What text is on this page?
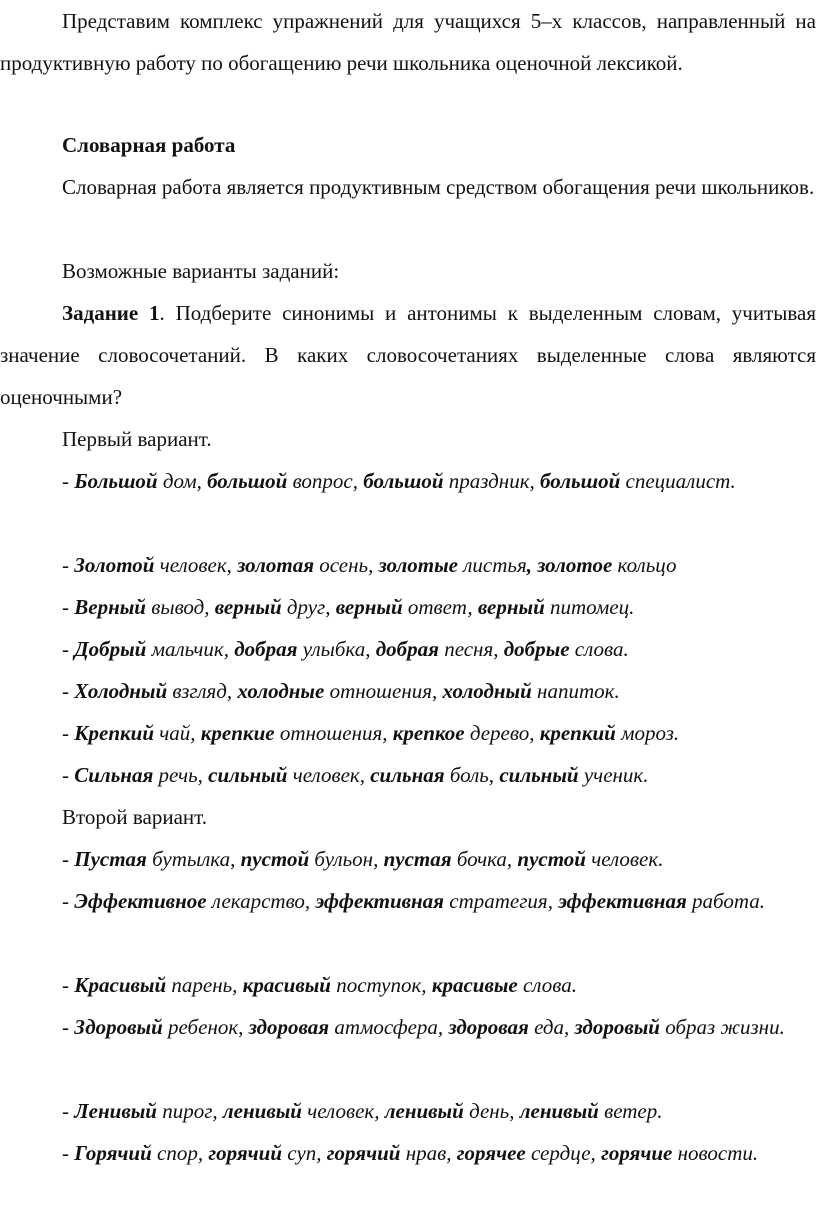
Представим комплекс упражнений для учащихся 5–х классов, направленный на продуктивную работу по обогащению речи школьника оценочной лексикой.

Словарная работа

Словарная работа является продуктивным средством обогащения речи школьников.

Возможные варианты заданий:

Задание 1. Подберите синонимы и антонимы к выделенным словам, учитывая значение словосочетаний. В каких словосочетаниях выделенные слова являются оценочными?

Первый вариант.

- Большой дом, большой вопрос, большой праздник, большой специалист.

- Золотой человек, золотая осень, золотые листья, золотое кольцо

- Верный вывод, верный друг, верный ответ, верный питомец.

- Добрый мальчик, добрая улыбка, добрая песня, добрые слова.

- Холодный взгляд, холодные отношения, холодный напиток.

- Крепкий чай, крепкие отношения, крепкое дерево, крепкий мороз.

- Сильная речь, сильный человек, сильная боль, сильный ученик.

Второй вариант.

- Пустая бутылка, пустой бульон, пустая бочка, пустой человек.

- Эффективное лекарство, эффективная стратегия, эффективная работа.

- Красивый парень, красивый поступок, красивые слова.

- Здоровый ребенок, здоровая атмосфера, здоровая еда, здоровый образ жизни.

- Ленивый пирог, ленивый человек, ленивый день, ленивый ветер.

- Горячий спор, горячий суп, горячий нрав, горячее сердце, горячие новости.
